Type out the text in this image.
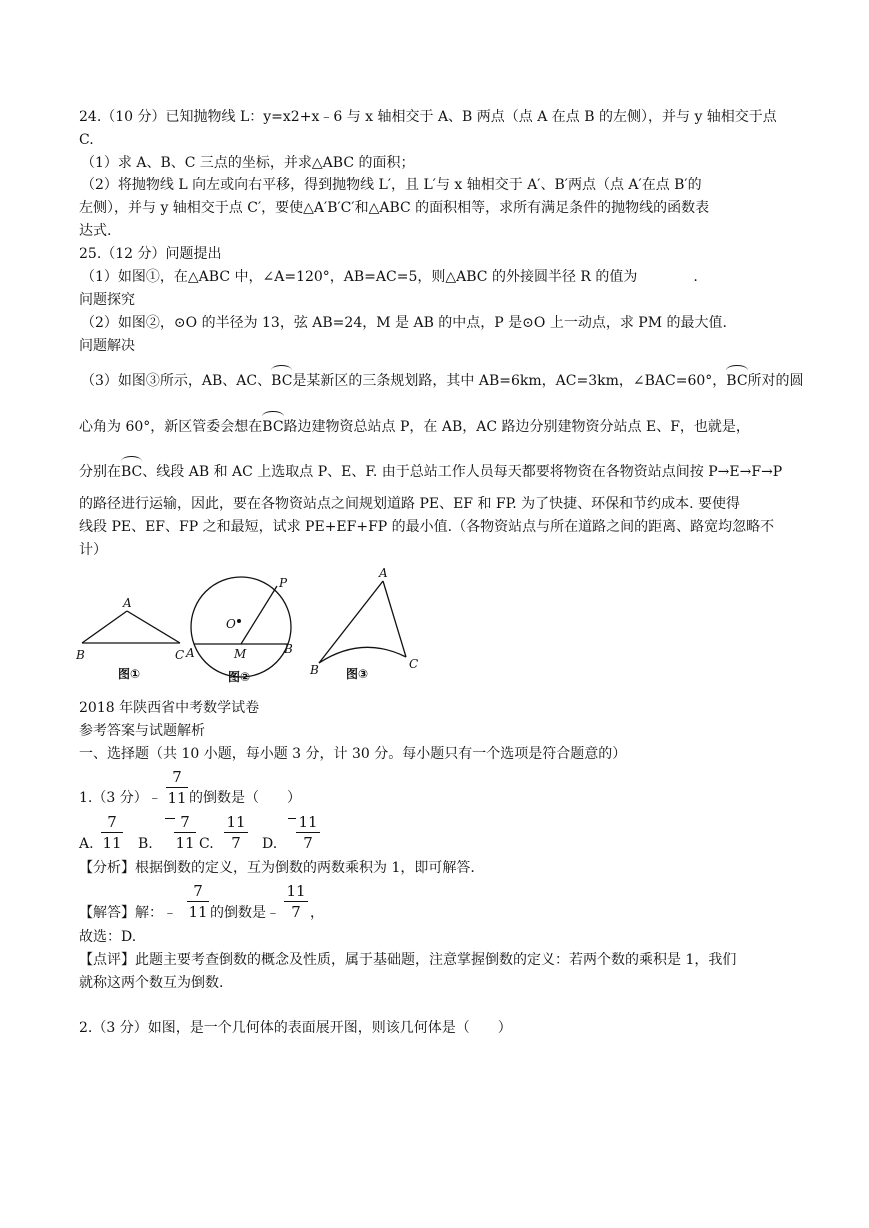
24.（10 分）已知抛物线 L：y=x2+x﹣6 与 x 轴相交于 A、B 两点（点 A 在点 B 的左侧），并与 y 轴相交于点
C.
（1）求 A、B、C 三点的坐标，并求△ABC 的面积；
（2）将抛物线 L 向左或向右平移，得到抛物线 L′，且 L′与 x 轴相交于 A′、B′两点（点 A′在点 B′的
左侧），并与 y 轴相交于点 C′，要使△A′B′C′和△ABC 的面积相等，求所有满足条件的抛物线的函数表
达式.
25.（12 分）问题提出
（1）如图①，在△ABC 中，∠A=120°，AB=AC=5，则△ABC 的外接圆半径 R 的值为　　　　.
问题探究
（2）如图②，⊙O 的半径为 13，弦 AB=24，M 是 AB 的中点，P 是⊙O 上一动点，求 PM 的最大值.
问题解决
（3）如图③所示，AB、AC、BC是某新区的三条规划路，其中 AB=6km，AC=3km，∠BAC=60°，BC所对的圆
心角为 60°，新区管委会想在BC路边建物资总站点 P，在 AB，AC 路边分别建物资分站点 E、F，也就是，
分别在BC、线段 AB 和 AC 上选取点 P、E、F. 由于总站工作人员每天都要将物资在各物资站点间按 P→E→F→P
的路径进行运输，因此，要在各物资站点之间规划道路 PE、EF 和 FP. 为了快捷、环保和节约成本. 要使得
线段 PE、EF、FP 之和最短，试求 PE+EF+FP 的最小值.（各物资站点与所在道路之间的距离、路宽均忽略不
计）
A
B	C
图①
O
P
A	M	B
图②
A
B	C
图③
2018 年陕西省中考数学试卷
参考答案与试题解析
一、选择题（共 10 小题，每小题 3 分，计 30 分。每小题只有一个选项是符合题意的）
1.（3 分）﹣
7
11 的倒数是（　　）
A.
7
11 B.
7
11 C.
11
7	D.
11
7
【分析】根据倒数的定义，互为倒数的两数乘积为 1，即可解答.
【解答】解：﹣
7
11 的倒数是﹣
11
7 ，
故选：D.
【点评】此题主要考查倒数的概念及性质，属于基础题，注意掌握倒数的定义：若两个数的乘积是 1，我们
就称这两个数互为倒数.
2.（3 分）如图，是一个几何体的表面展开图，则该几何体是（　　）
